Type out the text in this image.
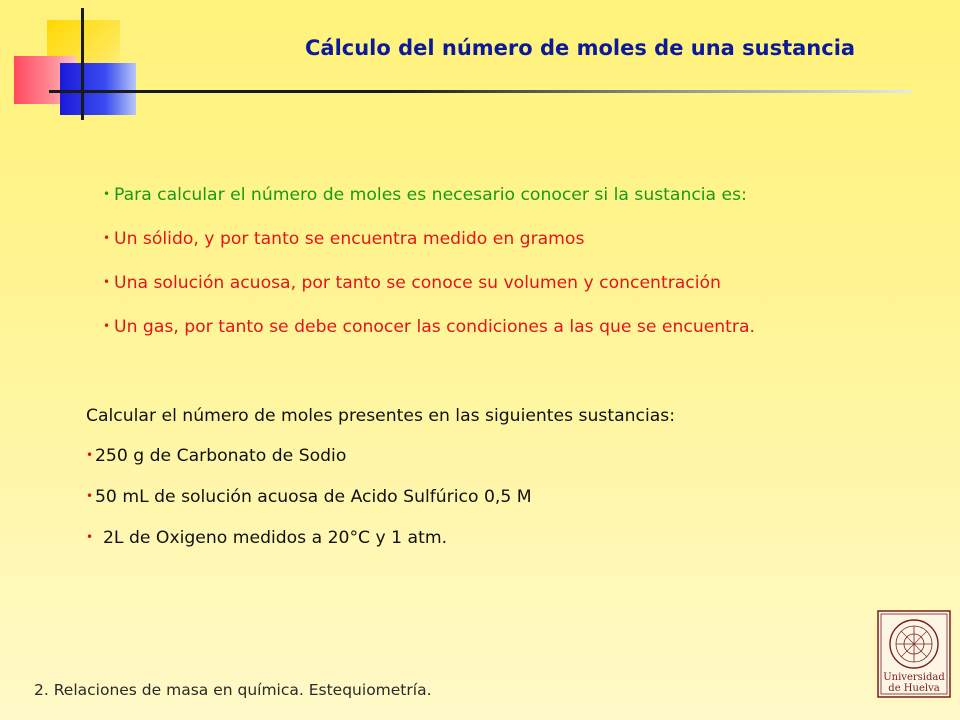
Cálculo del número de moles de una sustancia
• Para calcular el número de moles es necesario conocer si la sustancia es:
• Un sólido, y por tanto se encuentra medido en gramos
• Una solución acuosa, por tanto se conoce su volumen y concentración
• Un gas, por tanto se debe conocer las condiciones a las que se encuentra.
Calcular el número de moles presentes en las siguientes sustancias:
• 250 g de Carbonato de Sodio
• 50 mL de solución acuosa de Acido Sulfúrico 0,5 M
• 2L de Oxigeno medidos a 20°C y 1 atm.
2. Relaciones de masa en química. Estequiometría.
Universidad
de Huelva
